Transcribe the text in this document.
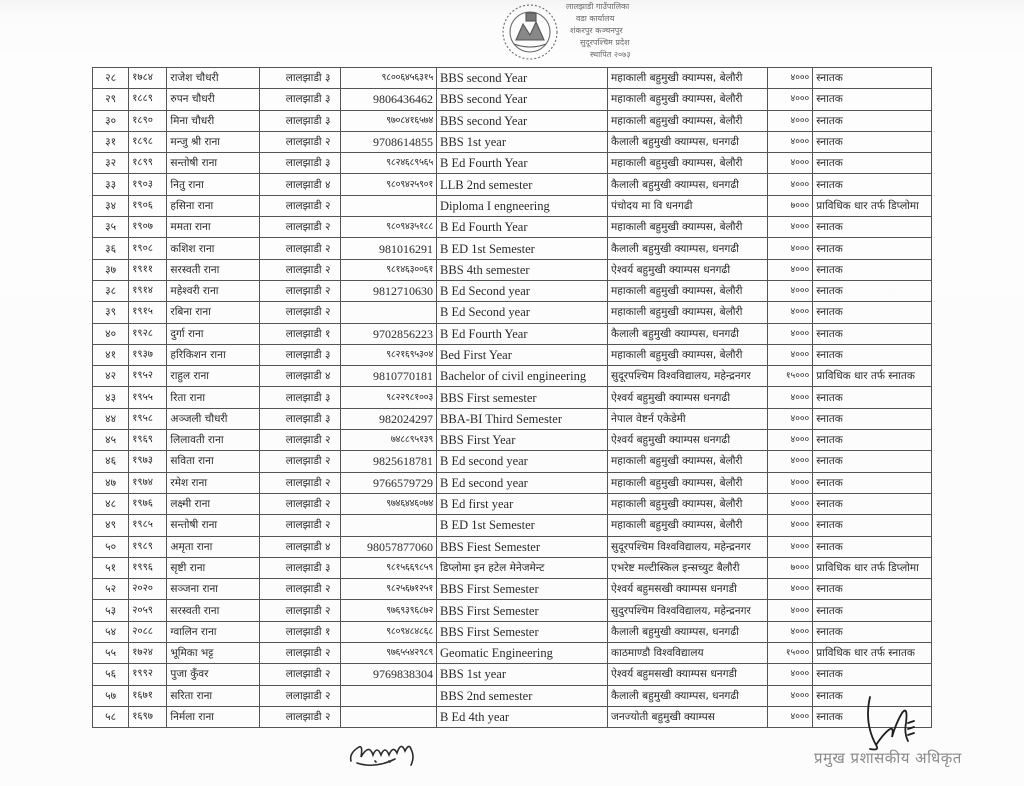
लालझाडी गाउँपालिका
वडा कार्यालय
शंकरपुर कञ्चनपुर
सुदूरपश्चिम प्रदेश
स्थापित २०७३
२८	१७८४	राजेश चौधरी	लालझाडी ३	९८००६४५६३१५	BBS second Year	महाकाली बहुमुखी क्याम्पस, बेलौरी	४०००	स्नातक
२९	१८८९	रुपन चौधरी	लालझाडी ३	9806436462	BBS second Year	महाकाली बहुमुखी क्याम्पस, बेलौरी	४०००	स्नातक
३०	१८९०	मिना चौधरी	लालझाडी ३	९७०८४१६५७४	BBS second Year	महाकाली बहुमुखी क्याम्पस, बेलौरी	४०००	स्नातक
३१	१८९८	मन्जु श्री राना	लालझाडी २	9708614855	BBS 1st year	कैलाली बहुमुखी क्याम्पस, धनगढी	४०००	स्नातक
३२	१८९९	सन्तोषी राना	लालझाडी ३	९८२४६८९५६५	B Ed Fourth Year	महाकाली बहुमुखी क्याम्पस, बेलौरी	४०००	स्नातक
३३	१९०३	नितु राना	लालझाडी ४	९८०९४२५९०१	LLB 2nd semester	कैलाली बहुमुखी क्याम्पस, धनगढी	४०००	स्नातक
३४	१९०६	हसिना राना	लालझाडी २		Diploma I engneering	पंचोदय मा वि धनगढी	७०००	प्राविधिक धार तर्फ डिप्लोमा
३५	१९०७	ममता राना	लालझाडी २	९८०९४३५१८८	B Ed Fourth Year	महाकाली बहुमुखी क्याम्पस, बेलौरी	४०००	स्नातक
३६	१९०८	कशिश राना	लालझाडी २	981016291	B ED 1st Semester	कैलाली बहुमुखी क्याम्पस, धनगढी	४०००	स्नातक
३७	१९११	सरस्वती राना	लालझाडी २	९८१४६३००६१	BBS 4th semester	ऐश्वर्य बहुमुखी क्याम्पस धनगढी	४०००	स्नातक
३८	१९१४	महेश्वरी राना	लालझाडी २	9812710630	B Ed Second year	महाकाली बहुमुखी क्याम्पस, बेलौरी	४०००	स्नातक
३९	१९१५	रबिना राना	लालझाडी २		B Ed Second year	महाकाली बहुमुखी क्याम्पस, बेलौरी	४०००	स्नातक
४०	१९२८	दुर्गा राना	लालझाडी १	9702856223	B Ed Fourth Year	कैलाली बहुमुखी क्याम्पस, धनगढी	४०००	स्नातक
४१	१९३७	हरिकिशन राना	लालझाडी ३	९८२१६९५३०४	Bed First Year	महाकाली बहुमुखी क्याम्पस, बेलौरी	४०००	स्नातक
४२	१९५२	राहुल राना	लालझाडी ४	9810770181	Bachelor of civil engineering	सुदूरपश्चिम विश्वविद्यालय, महेन्द्रनगर	१५०००	प्राविधिक धार तर्फ स्नातक
४३	१९५५	रिता राना	लालझाडी ३	९८२२९८१००३	BBS First semester	ऐश्वर्य बहुमुखी क्याम्पस धनगढी	४०००	स्नातक
४४	१९५८	अञ्जली चौधरी	लालझाडी ३	982024297	BBA-BI Third Semester	नेपाल वेष्टर्न एकेडेमी	४०००	स्नातक
४५	१९६९	लिलावती राना	लालझाडी २	७४८८९५१३९	BBS First Year	ऐश्वर्य बहुमुखी क्याम्पस धनगढी	४०००	स्नातक
४६	१९७३	सविता राना	लालझाडी २	9825618781	B Ed second year	महाकाली बहुमुखी क्याम्पस, बेलौरी	४०००	स्नातक
४७	१९७४	रमेश राना	लालझाडी २	9766579729	B Ed second year	महाकाली बहुमुखी क्याम्पस, बेलौरी	४०००	स्नातक
४८	१९७६	लक्ष्मी राना	लालझाडी २	९७४६४४६०७४	B Ed first year	महाकाली बहुमुखी क्याम्पस, बेलौरी	४०००	स्नातक
४९	१९८५	सन्तोषी राना	लालझाडी २		B ED 1st Semester	महाकाली बहुमुखी क्याम्पस, बेलौरी	४०००	स्नातक
५०	१९८९	अमृता राना	लालझाडी ४	98057877060	BBS Fiest Semester	सुदूरपश्चिम विश्वविद्यालय, महेन्द्रनगर	४०००	स्नातक
५१	१९९६	सृष्टी राना	लालझाडी ३	९८१५६६९८५९	डिप्लोमा इन हटेल मेनेजमेन्ट	एभरेष्ट मल्टीस्किल इन्सच्युट बैलौरी	७०००	प्राविधिक धार तर्फ डिप्लोमा
५२	२०२०	सञ्जना राना	लालझाडी २	९८२५६७१२५१	BBS First Semester	ऐश्वर्य बहुमसखी क्याम्पस धनगडी	४०००	स्नातक
५३	२०५९	सरस्वती राना	लालझाडी २	९७६९३९६८७२	BBS First Semester	सुदुरपश्चिम विश्वविद्यालय, महेन्द्रनगर	४०००	स्नातक
५४	२०८८	ग्वालिन राना	लालझाडी १	९८०९४८४८६८	BBS First Semester	कैलाली बहुमुखी क्याम्पस, धनगढी	४०००	स्नातक
५५	१७२४	भूमिका भट्ट	लालझाडी २	९७६५५४२९८९	Geomatic Engineering	काठमाण्डौ विश्वविद्यालय	१५०००	प्राविधिक धार तर्फ स्नातक
५६	१९९२	पुजा कुँवर	लालझाडी २	9769838304	BBS 1st year	ऐश्वर्य बहुमसखी क्याम्पस धनगडी	४०००	स्नातक
५७	१६७१	सरिता राना	ललाझाडी २		BBS 2nd semester	कैलाली बहुमुखी क्याम्पस, धनगढी	४०००	स्नातक
५८	१६९७	निर्मला राना	लालझाडी २		B Ed 4th year	जनज्योती बहुमुखी क्याम्पस	४०००	स्नातक
प्रमुख प्रशासकीय अधिकृत
